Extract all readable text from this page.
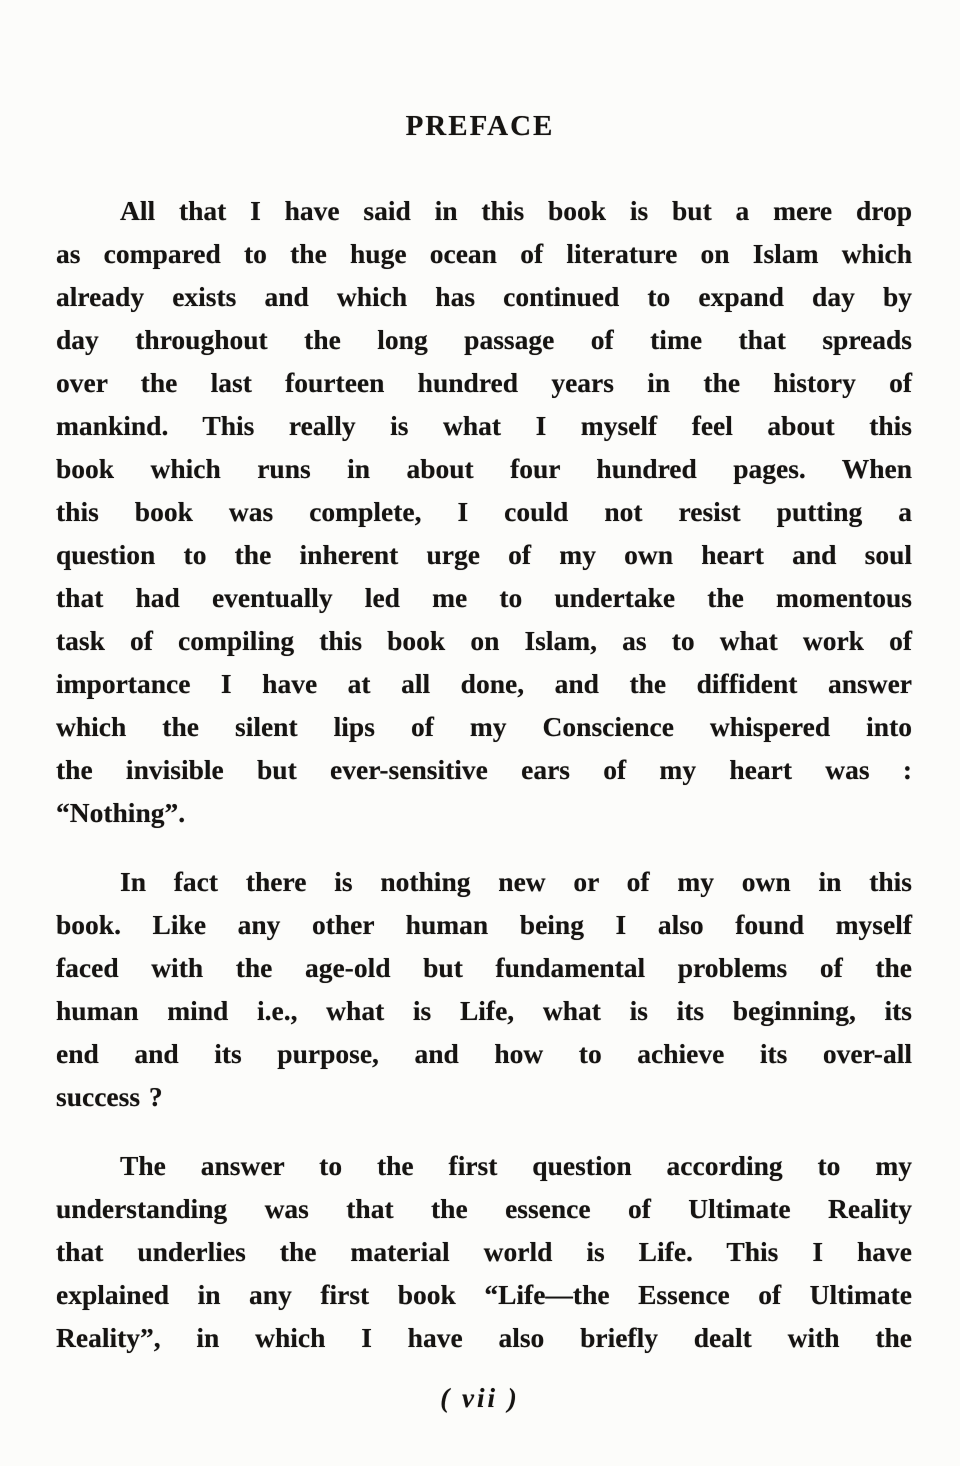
PREFACE

All that I have said in this book is but a mere drop
as compared to the huge ocean of literature on Islam which
already exists and which has continued to expand day by
day throughout the long passage of time that spreads
over the last fourteen hundred years in the history of
mankind. This really is what I myself feel about this
book which runs in about four hundred pages. When
this book was complete, I could not resist putting a
question to the inherent urge of my own heart and soul
that had eventually led me to undertake the momentous
task of compiling this book on Islam, as to what work of
importance I have at all done, and the diffident answer
which the silent lips of my Conscience whispered into
the invisible but ever-sensitive ears of my heart was :
“Nothing”.

In fact there is nothing new or of my own in this
book. Like any other human being I also found myself
faced with the age-old but fundamental problems of the
human mind i.e., what is Life, what is its beginning, its
end and its purpose, and how to achieve its over-all
success ?

The answer to the first question according to my
understanding was that the essence of Ultimate Reality
that underlies the material world is Life. This I have
explained in any first book “Life—the Essence of Ultimate
Reality”, in which I have also briefly dealt with the

( vii )
